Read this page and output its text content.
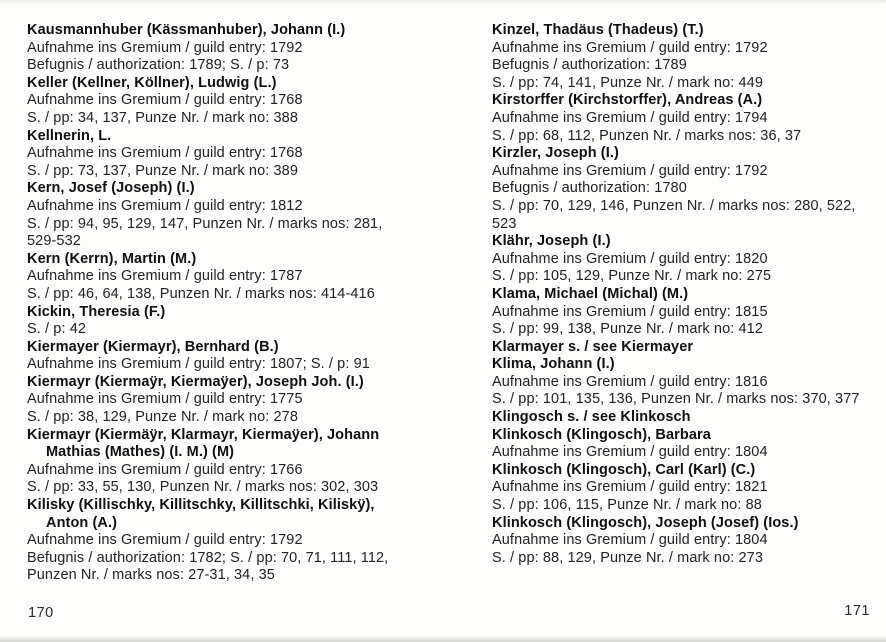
Kausmannhuber (Kässmanhuber), Johann (I.)
Aufnahme ins Gremium / guild entry: 1792
Befugnis / authorization: 1789; S. / p: 73
Keller (Kellner, Köllner), Ludwig (L.)
Aufnahme ins Gremium / guild entry: 1768
S. / pp: 34, 137, Punze Nr. / mark no: 388
Kellnerin, L.
Aufnahme ins Gremium / guild entry: 1768
S. / pp: 73, 137, Punze Nr. / mark no: 389
Kern, Josef (Joseph) (I.)
Aufnahme ins Gremium / guild entry: 1812
S. / pp: 94, 95, 129, 147, Punzen Nr. / marks nos: 281,
529-532
Kern (Kerrn), Martin (M.)
Aufnahme ins Gremium / guild entry: 1787
S. / pp: 46, 64, 138, Punzen Nr. / marks nos: 414-416
Kickin, Theresia (F.)
S. / p: 42
Kiermayer (Kiermayr), Bernhard (B.)
Aufnahme ins Gremium / guild entry: 1807; S. / p: 91
Kiermayr (Kiermaÿr, Kiermaÿer), Joseph Joh. (I.)
Aufnahme ins Gremium / guild entry: 1775
S. / pp: 38, 129, Punze Nr. / mark no: 278
Kiermayr (Kiermäÿr, Klarmayr, Kiermaÿer), Johann
Mathias (Mathes) (I. M.) (M)
Aufnahme ins Gremium / guild entry: 1766
S. / pp: 33, 55, 130, Punzen Nr. / marks nos: 302, 303
Kilisky (Killischky, Killitschky, Killitschki, Kiliskÿ),
Anton (A.)
Aufnahme ins Gremium / guild entry: 1792
Befugnis / authorization: 1782; S. / pp: 70, 71, 111, 112,
Punzen Nr. / marks nos: 27-31, 34, 35
Kinzel, Thadäus (Thadeus) (T.)
Aufnahme ins Gremium / guild entry: 1792
Befugnis / authorization: 1789
S. / pp: 74, 141, Punze Nr. / mark no: 449
Kirstorffer (Kirchstorffer), Andreas (A.)
Aufnahme ins Gremium / guild entry: 1794
S. / pp: 68, 112, Punzen Nr. / marks nos: 36, 37
Kirzler, Joseph (I.)
Aufnahme ins Gremium / guild entry: 1792
Befugnis / authorization: 1780
S. / pp: 70, 129, 146, Punzen Nr. / marks nos: 280, 522,
523
Klähr, Joseph (I.)
Aufnahme ins Gremium / guild entry: 1820
S. / pp: 105, 129, Punze Nr. / mark no: 275
Klama, Michael (Michal) (M.)
Aufnahme ins Gremium / guild entry: 1815
S. / pp: 99, 138, Punze Nr. / mark no: 412
Klarmayer s. / see Kiermayer
Klima, Johann (I.)
Aufnahme ins Gremium / guild entry: 1816
S. / pp: 101, 135, 136, Punzen Nr. / marks nos: 370, 377
Klingosch s. / see Klinkosch
Klinkosch (Klingosch), Barbara
Aufnahme ins Gremium / guild entry: 1804
Klinkosch (Klingosch), Carl (Karl) (C.)
Aufnahme ins Gremium / guild entry: 1821
S. / pp: 106, 115, Punze Nr. / mark no: 88
Klinkosch (Klingosch), Joseph (Josef) (Ios.)
Aufnahme ins Gremium / guild entry: 1804
S. / pp: 88, 129, Punze Nr. / mark no: 273
170	171
